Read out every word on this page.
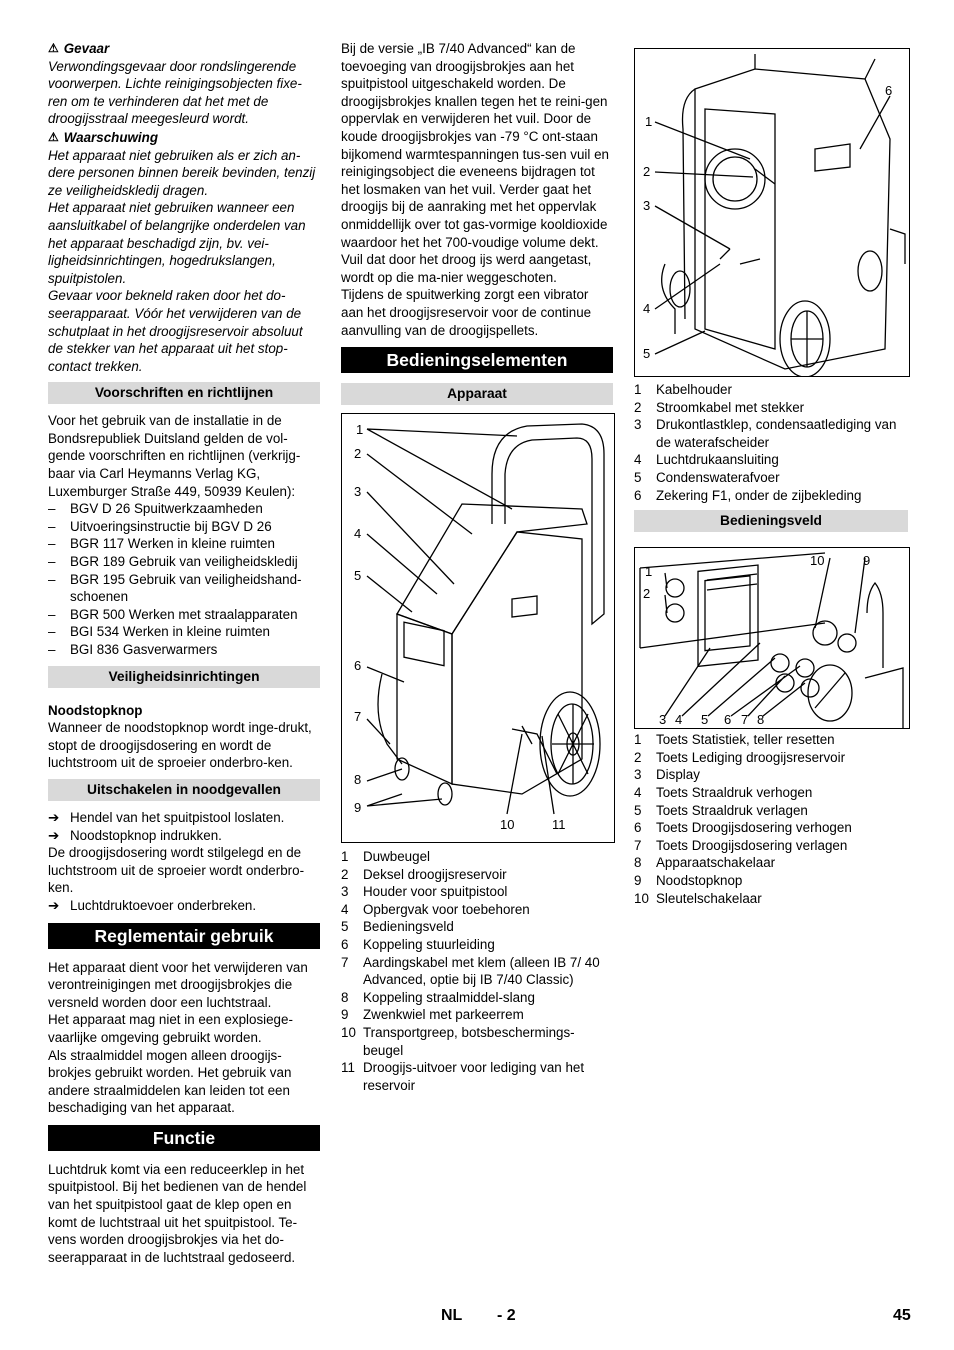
⚠ Gevaar

Verwondingsgevaar door rondslingerende voorwerpen. Lichte reinigingsobjecten fixe-ren om te verhinderen dat het met de droogijsstraal meegesleurd wordt.

⚠ Waarschuwing

Het apparaat niet gebruiken als er zich an-dere personen binnen bereik bevinden, tenzij ze veiligheidskledij dragen.

Het apparaat niet gebruiken wanneer een aansluitkabel of belangrijke onderdelen van het apparaat beschadigd zijn, bv. vei-ligheidsinrichtingen, hogedrukslangen, spuitpistolen.

Gevaar voor bekneld raken door het do-seerapparaat. Vóór het verwijderen van de schutplaat in het droogijsreservoir absoluut de stekker van het apparaat uit het stop-contact trekken.

Voorschriften en richtlijnen

Voor het gebruik van de installatie in de Bondsrepubliek Duitsland gelden de vol-gende voorschriften en richtlijnen (verkrijg-baar via Carl Heymanns Verlag KG, Luxemburger Straße 449, 50939 Keulen):

– BGV D 26 Spuitwerkzaamheden
– Uitvoeringsinstructie bij BGV D 26
– BGR 117 Werken in kleine ruimten
– BGR 189 Gebruik van veiligheidskledij
– BGR 195 Gebruik van veiligheidshand-schoenen
– BGR 500 Werken met straalapparaten
– BGI 534 Werken in kleine ruimten
– BGI 836 Gasverwarmers
Veiligheidsinrichtingen

Noodstopknop

Wanneer de noodstopknop wordt inge-drukt, stopt de droogijsdosering en wordt de luchtstroom uit de sproeier onderbro-ken.

Uitschakelen in noodgevallen
➔ Hendel van het spuitpistool loslaten.
➔ Noodstopknop indrukken.

De droogijsdosering wordt stilgelegd en de luchtstroom uit de sproeier wordt onderbro-ken.

➔ Luchtdruktoevoer onderbreken.
Reglementair gebruik

Het apparaat dient voor het verwijderen van verontreinigingen met droogijsbrokjes die versneld worden door een luchtstraal.

Het apparaat mag niet in een explosiege-vaarlijke omgeving gebruikt worden.

Als straalmiddel mogen alleen droogijs-brokjes gebruikt worden. Het gebruik van andere straalmiddelen kan leiden tot een beschadiging van het apparaat.

Functie

Luchtdruk komt via een reduceerklep in het spuitpistool. Bij het bedienen van de hendel van het spuitpistool gaat de klep open en komt de luchtstraal uit het spuitpistool. Te-vens worden droogijsbrokjes via het do-seerapparaat in de luchtstraal gedoseerd.

Bij de versie „IB 7/40 Advanced“ kan de toevoeging van droogijsbrokjes aan het spuitpistool uitgeschakeld worden. De droogijsbrokjes knallen tegen het te reini-gen oppervlak en verwijderen het vuil. Door de koude droogijsbrokjes van -79 °C ont-staan bijkomend warmtespanningen tus-sen vuil en reinigingsobject die eveneens bijdragen tot het losmaken van het vuil. Verder gaat het droogijs bij de aanraking met het oppervlak onmiddellijk over tot gas-vormige kooldioxide waardoor het het 700-voudige volume dekt. Vuil dat door het droog ijs werd aangetast, wordt op die ma-nier weggeschoten.

Tijdens de spuitwerking zorgt een vibrator aan het droogijsreservoir voor de continue aanvulling van de droogijspellets.

Bedieningselementen
Apparaat
1
2
3
4
5
6
7
8
9
10	11
1	Duwbeugel
2	Deksel droogijsreservoir
3	Houder voor spuitpistool
4	Opbergvak voor toebehoren
5	Bedieningsveld
6	Koppeling stuurleiding
7	Aardingskabel met klem (alleen IB 7/ 40 Advanced, optie bij IB 7/40 Classic)
8	Koppeling straalmiddel-slang
9	Zwenkwiel met parkeerrem
10 Transportgreep, botsbeschermings-beugel
11 Droogijs-uitvoer voor lediging van het reservoir
1
2
3
4
5
6
1	Kabelhouder
2	Stroomkabel met stekker
3	Drukontlastklep, condensaatlediging van de waterafscheider
4	Luchtdrukaansluiting
5	Condenswaterafvoer
6	Zekering F1, onder de zijbekleding
Bedieningsveld
1
2
3 4 5 6 7 8
9
10
1	Toets Statistiek, teller resetten
2	Toets Lediging droogijsreservoir
3	Display
4	Toets Straaldruk verhogen
5	Toets Straaldruk verlagen
6	Toets Droogijsdosering verhogen
7	Toets Droogijsdosering verlagen
8	Apparaatschakelaar
9	Noodstopknop
10 Sleutelschakelaar
NL - 2	45
